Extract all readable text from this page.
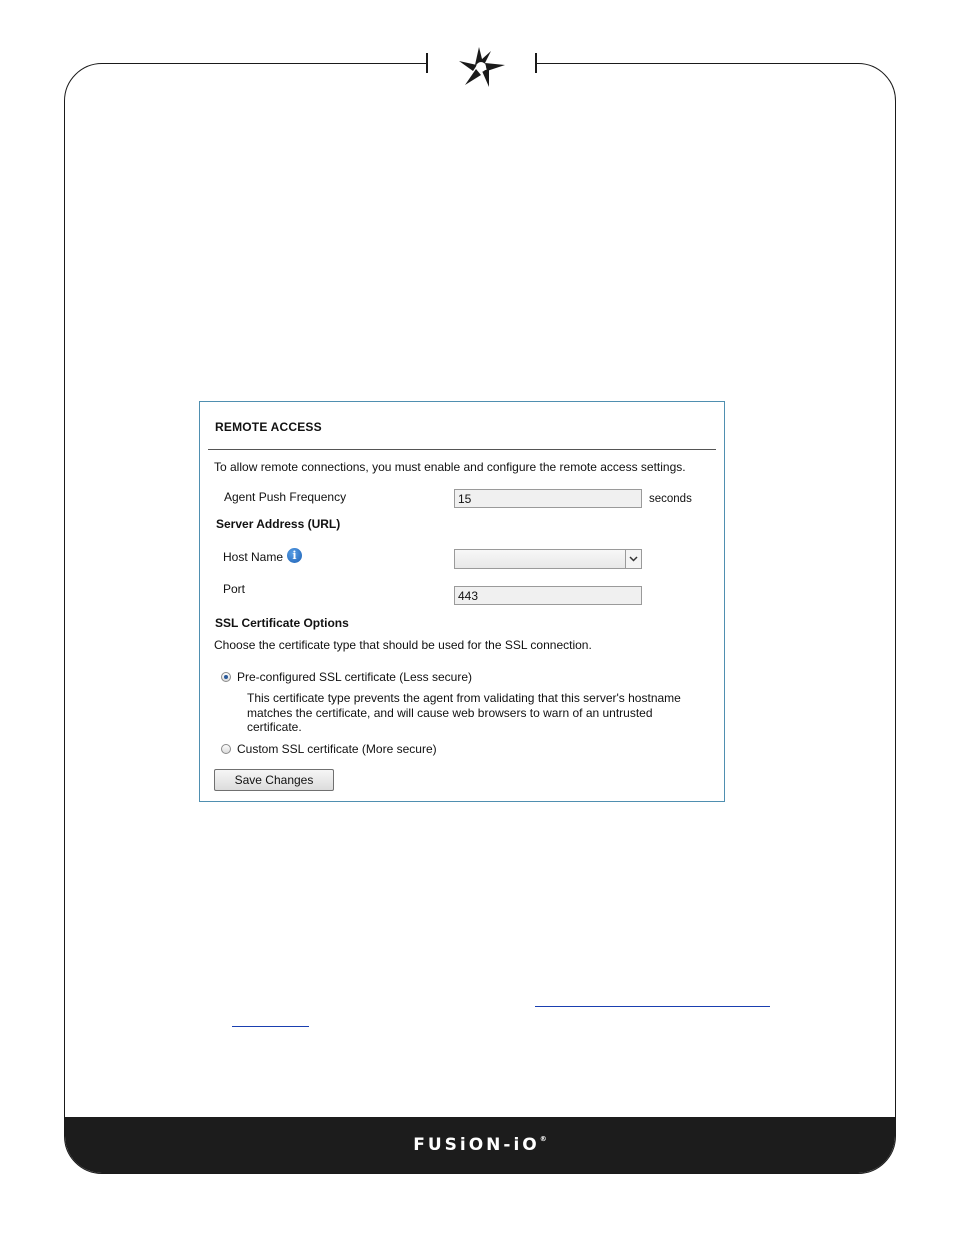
FUSiON-iO®
REMOTE ACCESS
To allow remote connections, you must enable and configure the remote access settings.
Agent Push Frequency
15	seconds
Server Address (URL)
Host Name i
Port
443
SSL Certificate Options
Choose the certificate type that should be used for the SSL connection.
Pre-configured SSL certificate (Less secure)
This certificate type prevents the agent from validating that this server's hostname matches the certificate, and will cause web browsers to warn of an untrusted certificate.
Custom SSL certificate (More secure)
Save Changes
